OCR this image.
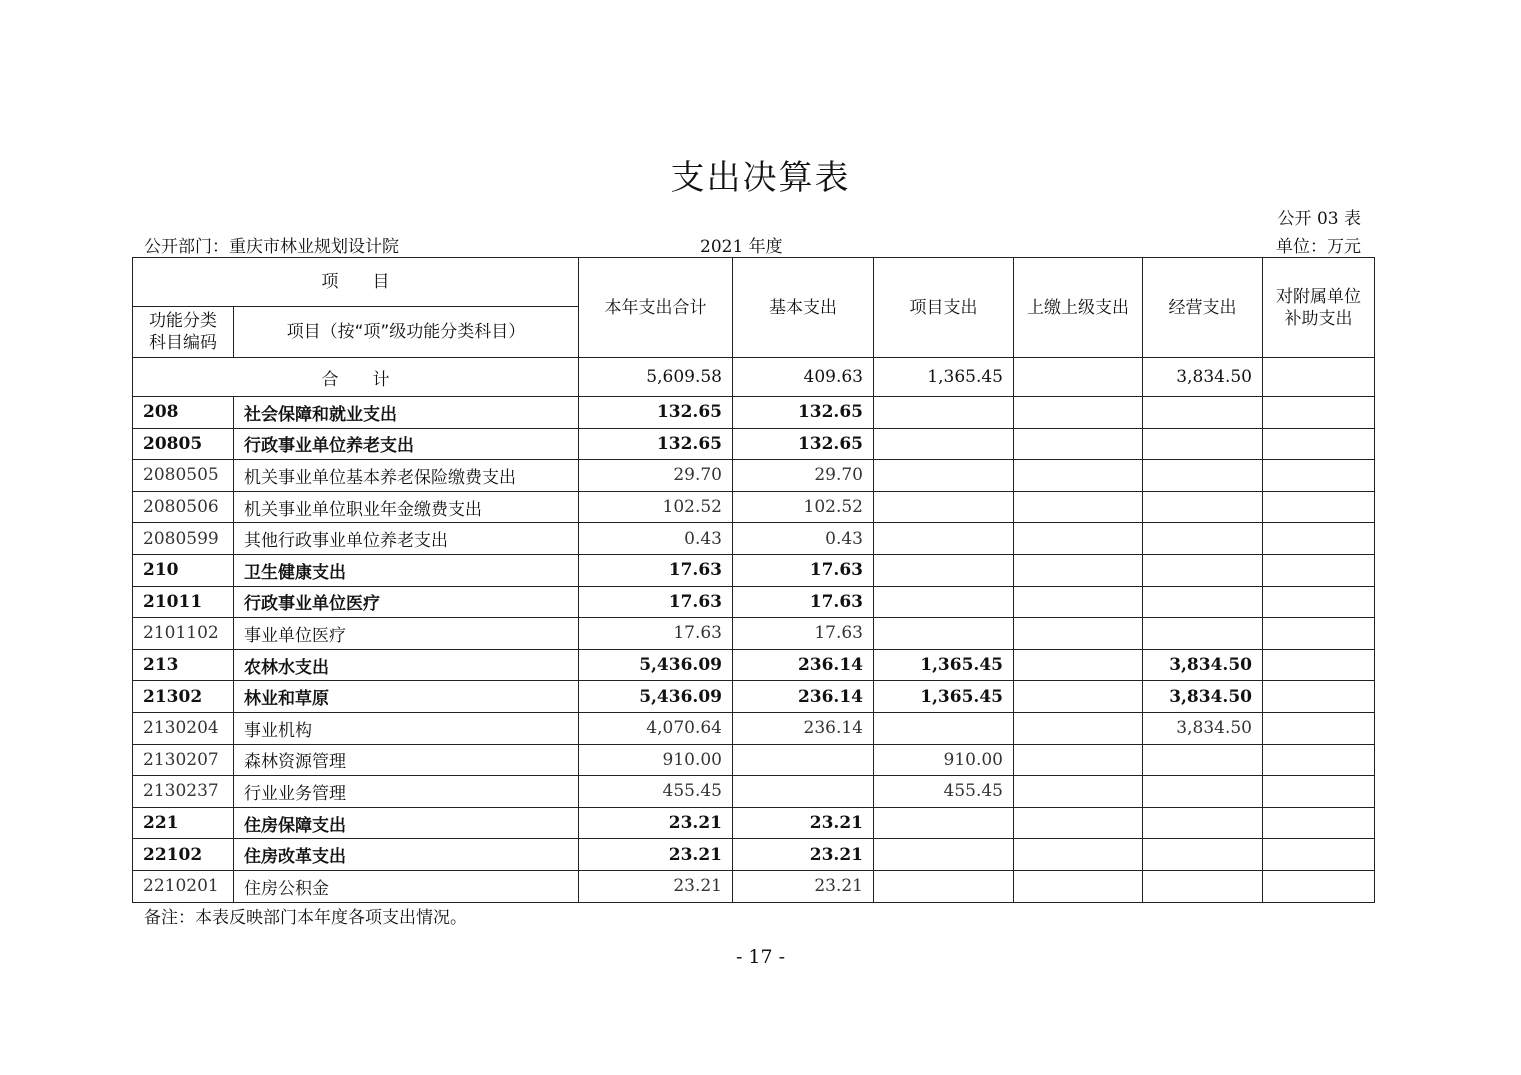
支出决算表
公开 03 表
公开部门：重庆市林业规划设计院	2021 年度	单位：万元
项　　目		本年支出合计	基本支出	项目支出	上缴上级支出	经营支出	对附属单位补助支出
功能分类科目编码	项目（按“项”级功能分类科目）						
合　　计		5,609.58	409.63	1,365.45		3,834.50	
208	社会保障和就业支出	132.65	132.65				
20805	行政事业单位养老支出	132.65	132.65				
2080505	机关事业单位基本养老保险缴费支出	29.70	29.70				
2080506	机关事业单位职业年金缴费支出	102.52	102.52				
2080599	其他行政事业单位养老支出	0.43	0.43				
210	卫生健康支出	17.63	17.63				
21011	行政事业单位医疗	17.63	17.63				
2101102	事业单位医疗	17.63	17.63				
213	农林水支出	5,436.09	236.14	1,365.45		3,834.50	
21302	林业和草原	5,436.09	236.14	1,365.45		3,834.50	
2130204	事业机构	4,070.64	236.14			3,834.50	
2130207	森林资源管理	910.00		910.00			
2130237	行业业务管理	455.45		455.45			
221	住房保障支出	23.21	23.21				
22102	住房改革支出	23.21	23.21				
2210201	住房公积金	23.21	23.21				
备注：本表反映部门本年度各项支出情况。
- 17 -
